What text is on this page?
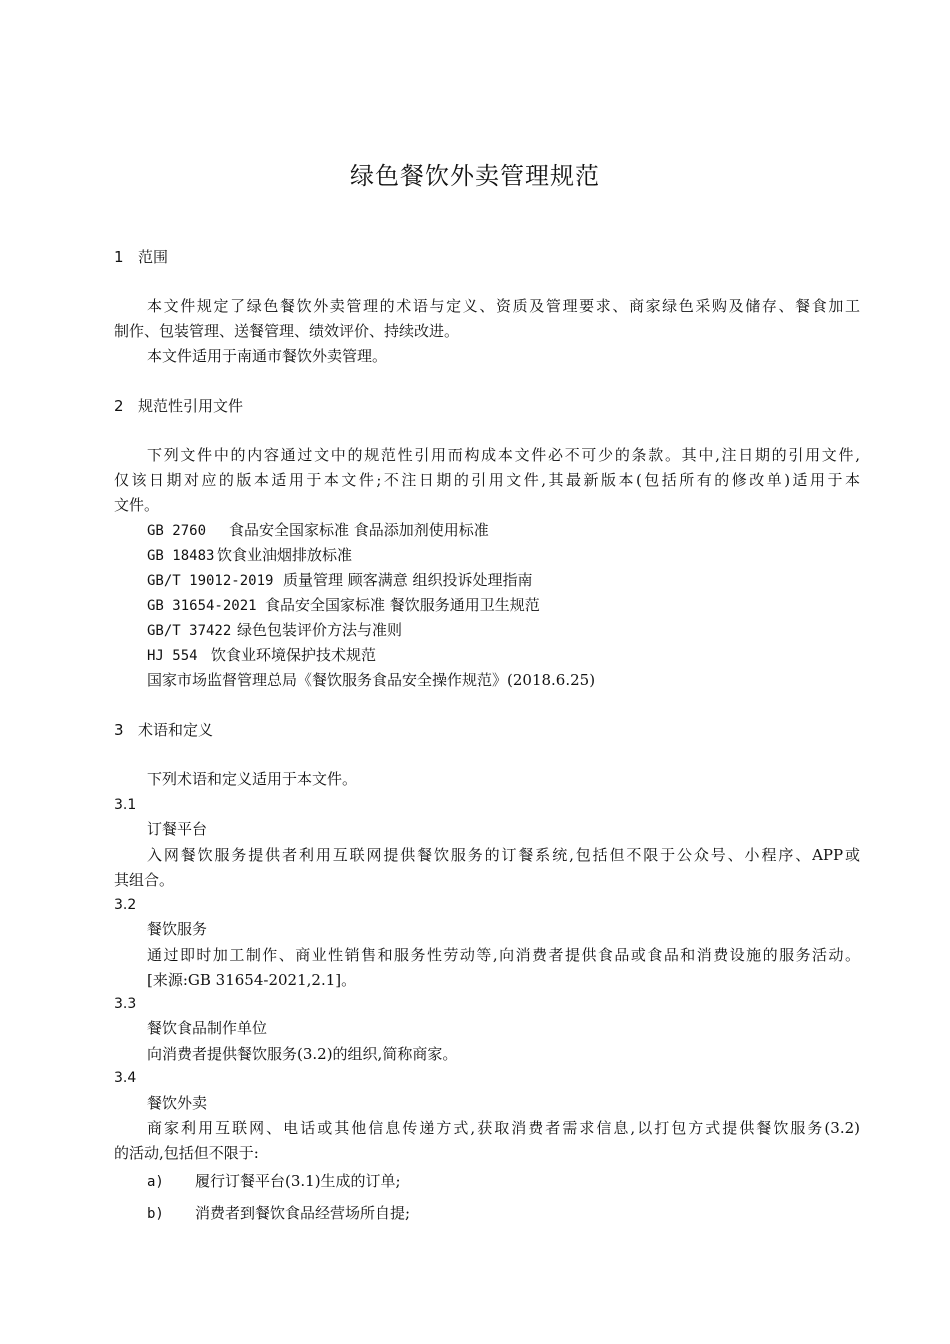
绿色餐饮外卖管理规范
1 范围
本文件规定了绿色餐饮外卖管理的术语与定义、资质及管理要求、商家绿色采购及储存、餐食加工
制作、包装管理、送餐管理、绩效评价、持续改进。
本文件适用于南通市餐饮外卖管理。
2 规范性引用文件
下列文件中的内容通过文中的规范性引用而构成本文件必不可少的条款。其中,注日期的引用文件,
仅该日期对应的版本适用于本文件;不注日期的引用文件,其最新版本(包括所有的修改单)适用于本
文件。
GB 2760 食品安全国家标准 食品添加剂使用标准
GB 18483 饮食业油烟排放标准
GB/T 19012-2019 质量管理 顾客满意 组织投诉处理指南
GB 31654-2021 食品安全国家标准 餐饮服务通用卫生规范
GB/T 37422 绿色包装评价方法与准则
HJ 554 饮食业环境保护技术规范
国家市场监督管理总局《餐饮服务食品安全操作规范》(2018.6.25)
3 术语和定义
下列术语和定义适用于本文件。
3.1
订餐平台
入网餐饮服务提供者利用互联网提供餐饮服务的订餐系统,包括但不限于公众号、小程序、APP或
其组合。
3.2
餐饮服务
通过即时加工制作、商业性销售和服务性劳动等,向消费者提供食品或食品和消费设施的服务活动。
[来源:GB 31654-2021,2.1]。
3.3
餐饮食品制作单位
向消费者提供餐饮服务(3.2)的组织,简称商家。
3.4
餐饮外卖
商家利用互联网、电话或其他信息传递方式,获取消费者需求信息,以打包方式提供餐饮服务(3.2)
的活动,包括但不限于:
a) 履行订餐平台(3.1)生成的订单;
b) 消费者到餐饮食品经营场所自提;
